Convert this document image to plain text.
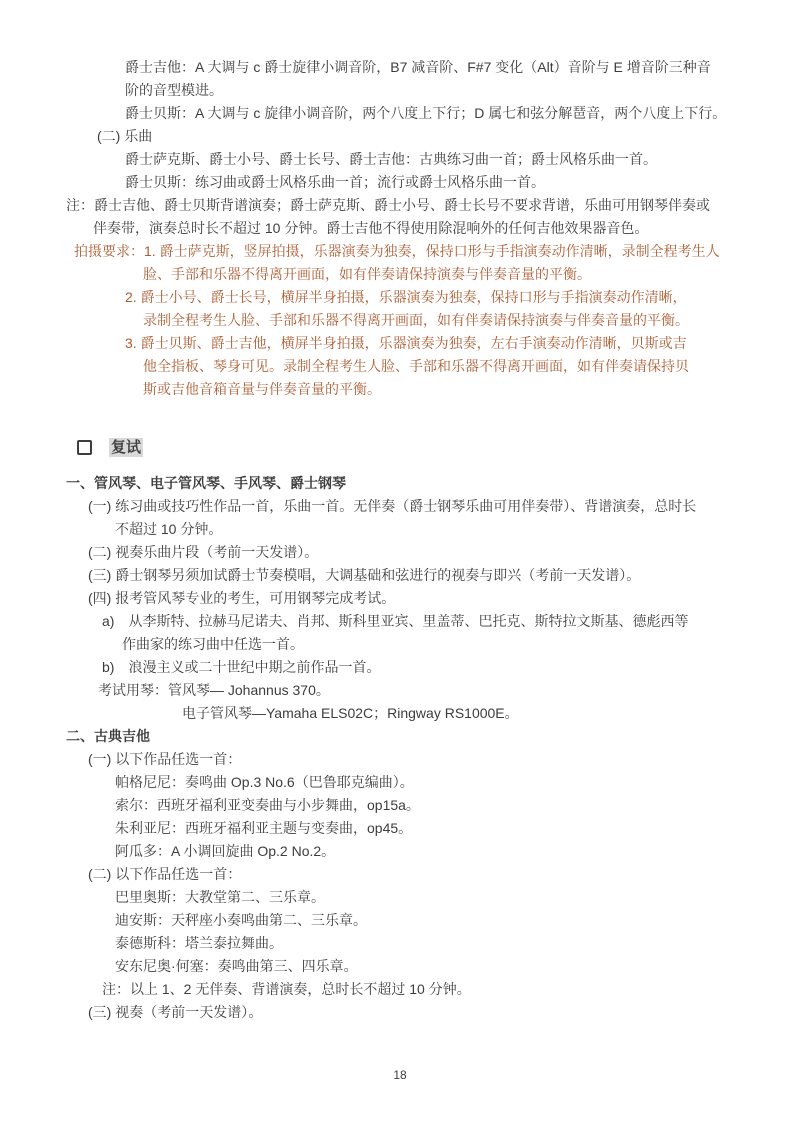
爵士吉他：A 大调与 c 爵士旋律小调音阶，B7 减音阶、F#7 变化（Alt）音阶与 E 增音阶三种音
阶的音型模进。
爵士贝斯：A 大调与 c 旋律小调音阶，两个八度上下行；D 属七和弦分解琶音，两个八度上下行。
(二) 乐曲
爵士萨克斯、爵士小号、爵士长号、爵士吉他：古典练习曲一首；爵士风格乐曲一首。
爵士贝斯：练习曲或爵士风格乐曲一首；流行或爵士风格乐曲一首。
注：爵士吉他、爵士贝斯背谱演奏；爵士萨克斯、爵士小号、爵士长号不要求背谱，乐曲可用钢琴伴奏或
伴奏带，演奏总时长不超过 10 分钟。爵士吉他不得使用除混响外的任何吉他效果器音色。
拍摄要求：1. 爵士萨克斯，竖屏拍摄，乐器演奏为独奏，保持口形与手指演奏动作清晰，录制全程考生人
脸、手部和乐器不得离开画面，如有伴奏请保持演奏与伴奏音量的平衡。
2. 爵士小号、爵士长号，横屏半身拍摄，乐器演奏为独奏，保持口形与手指演奏动作清晰，
录制全程考生人脸、手部和乐器不得离开画面，如有伴奏请保持演奏与伴奏音量的平衡。
3. 爵士贝斯、爵士吉他，横屏半身拍摄，乐器演奏为独奏，左右手演奏动作清晰，贝斯或吉
他全指板、琴身可见。录制全程考生人脸、手部和乐器不得离开画面，如有伴奏请保持贝
斯或吉他音箱音量与伴奏音量的平衡。
复试
一、管风琴、电子管风琴、手风琴、爵士钢琴
(一) 练习曲或技巧性作品一首，乐曲一首。无伴奏（爵士钢琴乐曲可用伴奏带）、背谱演奏，总时长
不超过 10 分钟。
(二) 视奏乐曲片段（考前一天发谱）。
(三) 爵士钢琴另须加试爵士节奏模唱，大调基础和弦进行的视奏与即兴（考前一天发谱）。
(四) 报考管风琴专业的考生，可用钢琴完成考试。
a)　从李斯特、拉赫马尼诺夫、肖邦、斯科里亚宾、里盖蒂、巴托克、斯特拉文斯基、德彪西等
作曲家的练习曲中任选一首。
b)　浪漫主义或二十世纪中期之前作品一首。
考试用琴：管风琴— Johannus 370。
电子管风琴—Yamaha ELS02C；Ringway RS1000E。
二、古典吉他
(一) 以下作品任选一首：
帕格尼尼：奏鸣曲 Op.3 No.6（巴鲁耶克编曲）。
索尔：西班牙福利亚变奏曲与小步舞曲，op15a。
朱利亚尼：西班牙福利亚主题与变奏曲，op45。
阿瓜多：A 小调回旋曲 Op.2 No.2。
(二) 以下作品任选一首：
巴里奥斯：大教堂第二、三乐章。
迪安斯：天秤座小奏鸣曲第二、三乐章。
泰德斯科：塔兰泰拉舞曲。
安东尼奥·何塞：奏鸣曲第三、四乐章。
注：以上 1、2 无伴奏、背谱演奏，总时长不超过 10 分钟。
(三) 视奏（考前一天发谱）。
18
